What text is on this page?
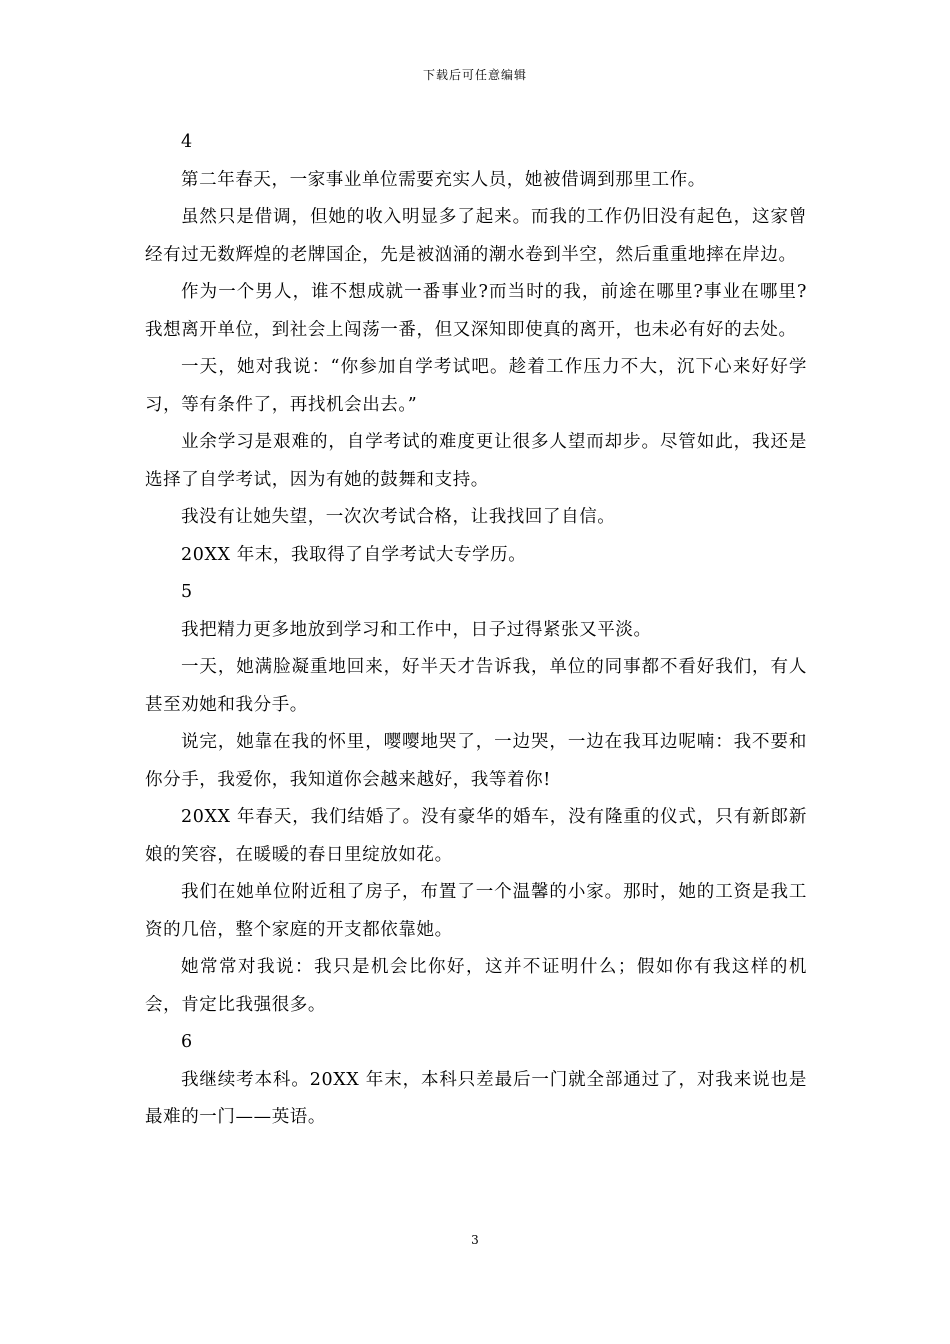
下载后可任意编辑

4

第二年春天，一家事业单位需要充实人员，她被借调到那里工作。

虽然只是借调，但她的收入明显多了起来。而我的工作仍旧没有起色，这家曾经有过无数辉煌的老牌国企，先是被汹涌的潮水卷到半空，然后重重地摔在岸边。

作为一个男人，谁不想成就一番事业?而当时的我，前途在哪里?事业在哪里?我想离开单位，到社会上闯荡一番，但又深知即使真的离开，也未必有好的去处。

一天，她对我说：“你参加自学考试吧。趁着工作压力不大，沉下心来好好学习，等有条件了，再找机会出去。”

业余学习是艰难的，自学考试的难度更让很多人望而却步。尽管如此，我还是选择了自学考试，因为有她的鼓舞和支持。

我没有让她失望，一次次考试合格，让我找回了自信。

20XX 年末，我取得了自学考试大专学历。

5

我把精力更多地放到学习和工作中，日子过得紧张又平淡。

一天，她满脸凝重地回来，好半天才告诉我，单位的同事都不看好我们，有人甚至劝她和我分手。

说完，她靠在我的怀里，嘤嘤地哭了，一边哭，一边在我耳边呢喃：我不要和你分手，我爱你，我知道你会越来越好，我等着你!

20XX 年春天，我们结婚了。没有豪华的婚车，没有隆重的仪式，只有新郎新娘的笑容，在暖暖的春日里绽放如花。

我们在她单位附近租了房子，布置了一个温馨的小家。那时，她的工资是我工资的几倍，整个家庭的开支都依靠她。

她常常对我说：我只是机会比你好，这并不证明什么；假如你有我这样的机会，肯定比我强很多。

6

我继续考本科。20XX 年末，本科只差最后一门就全部通过了，对我来说也是最难的一门——英语。

3
